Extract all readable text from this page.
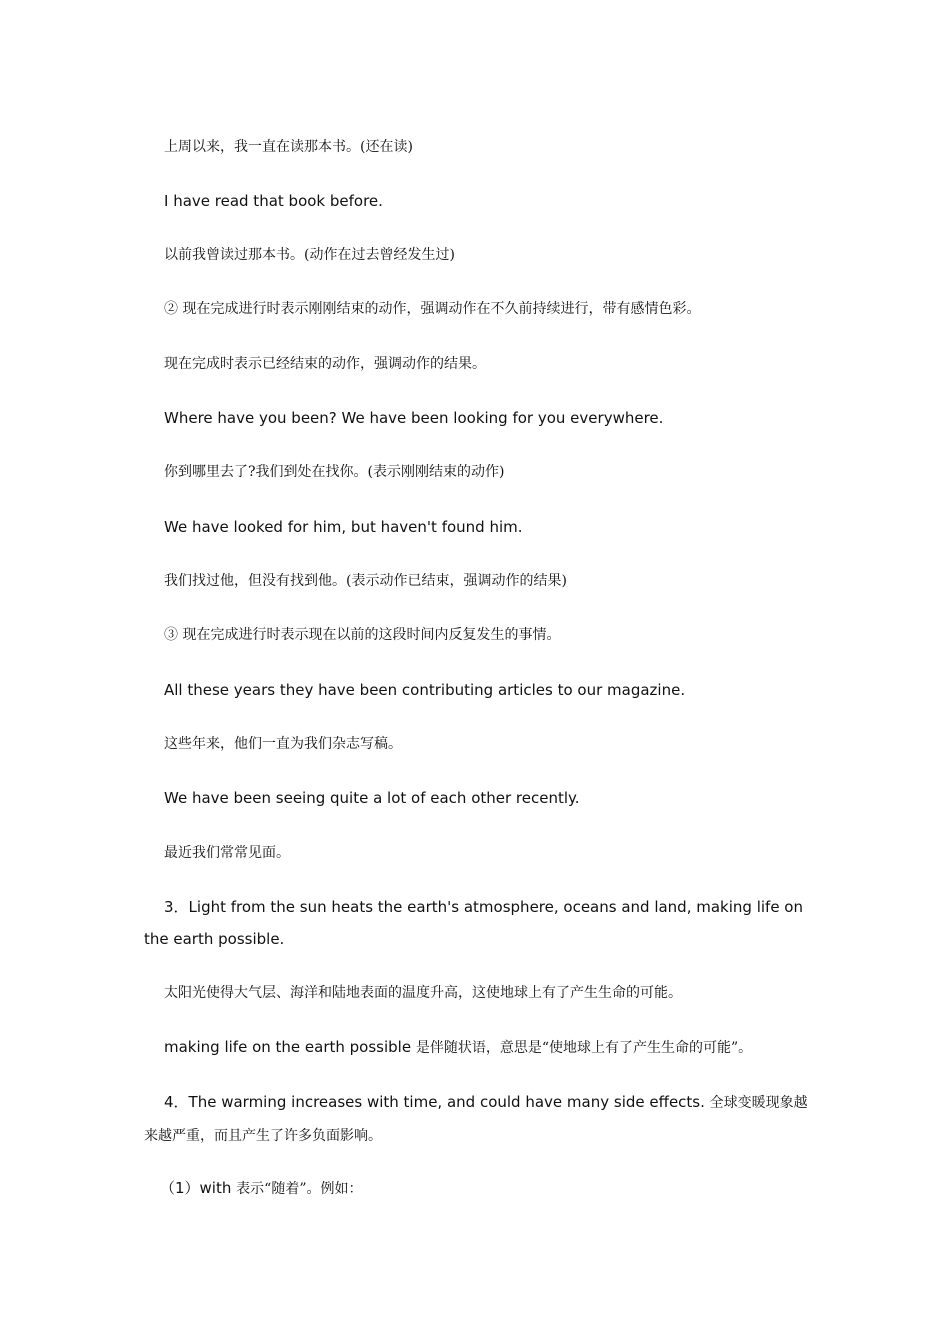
上周以来，我一直在读那本书。(还在读)
I have read that book before.
以前我曾读过那本书。(动作在过去曾经发生过)
② 现在完成进行时表示刚刚结束的动作，强调动作在不久前持续进行，带有感情色彩。
现在完成时表示已经结束的动作，强调动作的结果。
Where have you been? We have been looking for you everywhere.
你到哪里去了?我们到处在找你。(表示刚刚结束的动作)
We have looked for him, but haven't found him.
我们找过他，但没有找到他。(表示动作已结束，强调动作的结果)
③ 现在完成进行时表示现在以前的这段时间内反复发生的事情。
All these years they have been contributing articles to our magazine.
这些年来，他们一直为我们杂志写稿。
We have been seeing quite a lot of each other recently.
最近我们常常见面。
3．Light from the sun heats the earth's atmosphere, oceans and land, making life on the earth possible.
太阳光使得大气层、海洋和陆地表面的温度升高，这使地球上有了产生生命的可能。
making life on the earth possible 是伴随状语，意思是“使地球上有了产生生命的可能”。
4．The warming increases with time, and could have many side effects. 全球变暖现象越来越严重，而且产生了许多负面影响。
（1）with 表示“随着”。例如：
